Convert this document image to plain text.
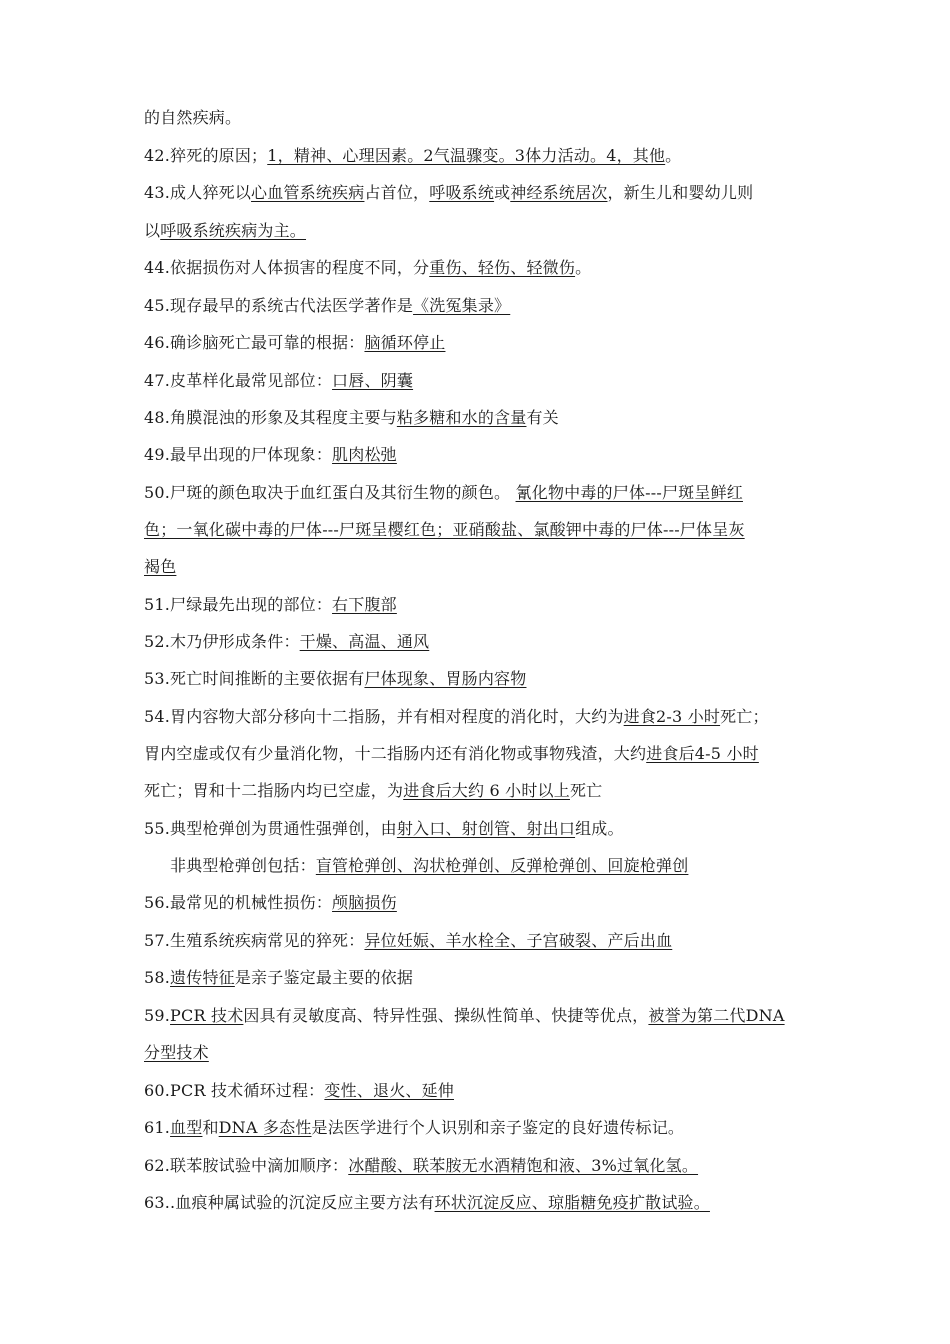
的自然疾病。
42.猝死的原因；1，精神、心理因素。2气温骤变。3体力活动。4，其他。
43.成人猝死以心血管系统疾病占首位，呼吸系统或神经系统居次，新生儿和婴幼儿则
以呼吸系统疾病为主。
44.依据损伤对人体损害的程度不同，分重伤、轻伤、轻微伤。
45.现存最早的系统古代法医学著作是《洗冤集录》
46.确诊脑死亡最可靠的根据：脑循环停止
47.皮革样化最常见部位：口唇、阴囊
48.角膜混浊的形象及其程度主要与粘多糖和水的含量有关
49.最早出现的尸体现象：肌肉松弛
50.尸斑的颜色取决于血红蛋白及其衍生物的颜色。 氰化物中毒的尸体---尸斑呈鲜红
色；一氧化碳中毒的尸体---尸斑呈樱红色；亚硝酸盐、氯酸钾中毒的尸体---尸体呈灰
褐色
51.尸绿最先出现的部位：右下腹部
52.木乃伊形成条件：干燥、高温、通风
53.死亡时间推断的主要依据有尸体现象、胃肠内容物
54.胃内容物大部分移向十二指肠，并有相对程度的消化时，大约为进食2-3 小时死亡；
胃内空虚或仅有少量消化物，十二指肠内还有消化物或事物残渣，大约进食后4-5 小时
死亡；胃和十二指肠内均已空虚，为进食后大约 6 小时以上死亡
55.典型枪弹创为贯通性强弹创，由射入口、射创管、射出口组成。
非典型枪弹创包括：盲管枪弹创、沟状枪弹创、反弹枪弹创、回旋枪弹创
56.最常见的机械性损伤：颅脑损伤
57.生殖系统疾病常见的猝死：异位妊娠、羊水栓全、子宫破裂、产后出血
58.遗传特征是亲子鉴定最主要的依据
59.PCR 技术因具有灵敏度高、特异性强、操纵性简单、快捷等优点，被誉为第二代DNA
分型技术
60.PCR 技术循环过程：变性、退火、延伸
61.血型和DNA 多态性是法医学进行个人识别和亲子鉴定的良好遗传标记。
62.联苯胺试验中滴加顺序：冰醋酸、联苯胺无水酒精饱和液、3%过氧化氢。
63..血痕种属试验的沉淀反应主要方法有环状沉淀反应、琼脂糖免疫扩散试验。
